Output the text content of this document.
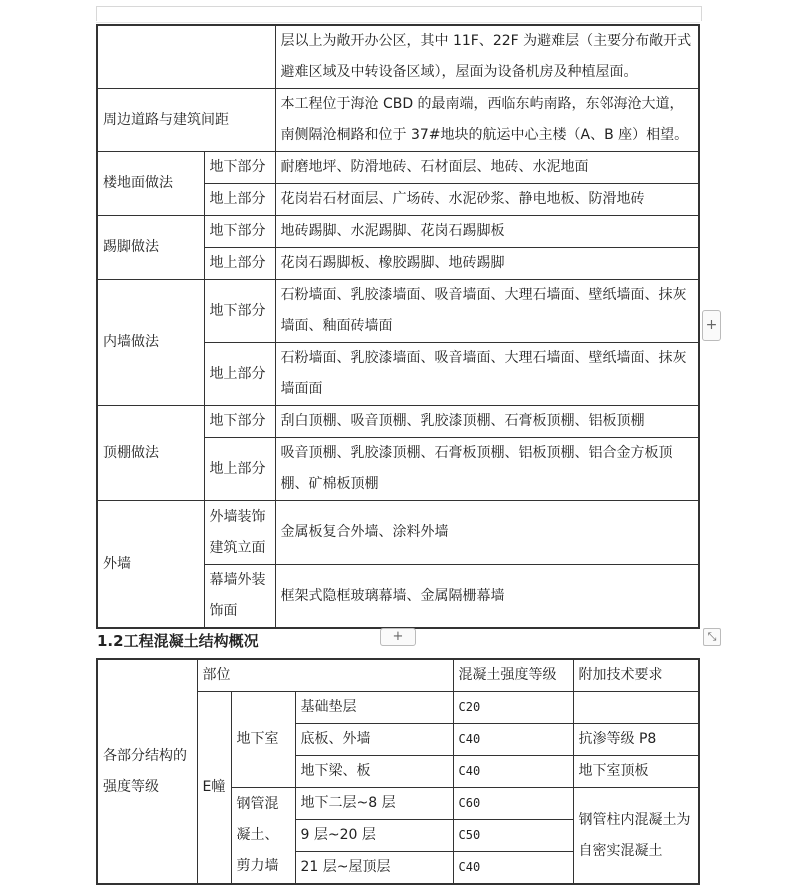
		层以上为敞开办公区，其中 11F、22F 为避难层（主要分布敞开式避难区域及中转设备区域），屋面为设备机房及种植屋面。
周边道路与建筑间距		本工程位于海沧 CBD 的最南端，西临东屿南路，东邻海沧大道，南侧隔沧桐路和位于 37#地块的航运中心主楼（A、B 座）相望。
楼地面做法	地下部分	耐磨地坪、防滑地砖、石材面层、地砖、水泥地面
	地上部分	花岗岩石材面层、广场砖、水泥砂浆、静电地板、防滑地砖
踢脚做法	地下部分	地砖踢脚、水泥踢脚、花岗石踢脚板
	地上部分	花岗石踢脚板、橡胶踢脚、地砖踢脚
内墙做法	地下部分	石粉墙面、乳胶漆墙面、吸音墙面、大理石墙面、壁纸墙面、抹灰墙面、釉面砖墙面
	地上部分	石粉墙面、乳胶漆墙面、吸音墙面、大理石墙面、壁纸墙面、抹灰墙面面
顶棚做法	地下部分	刮白顶棚、吸音顶棚、乳胶漆顶棚、石膏板顶棚、铝板顶棚
	地上部分	吸音顶棚、乳胶漆顶棚、石膏板顶棚、铝板顶棚、铝合金方板顶棚、矿棉板顶棚
外墙	外墙装饰建筑立面	金属板复合外墙、涂料外墙
	幕墙外装饰面	框架式隐框玻璃幕墙、金属隔栅幕墙
+
1.2工程混凝土结构概况	+	⤡
各部分结构的强度等级	部位			混凝土强度等级	附加技术要求
	E幢	地下室	基础垫层	C20	
			底板、外墙	C40	抗渗等级 P8
			地下梁、板	C40	地下室顶板
		钢管混凝土、剪力墙	地下二层~8 层	C60	钢管柱内混凝土为自密实混凝土
			9 层~20 层	C50	
			21 层~屋顶层	C40	
